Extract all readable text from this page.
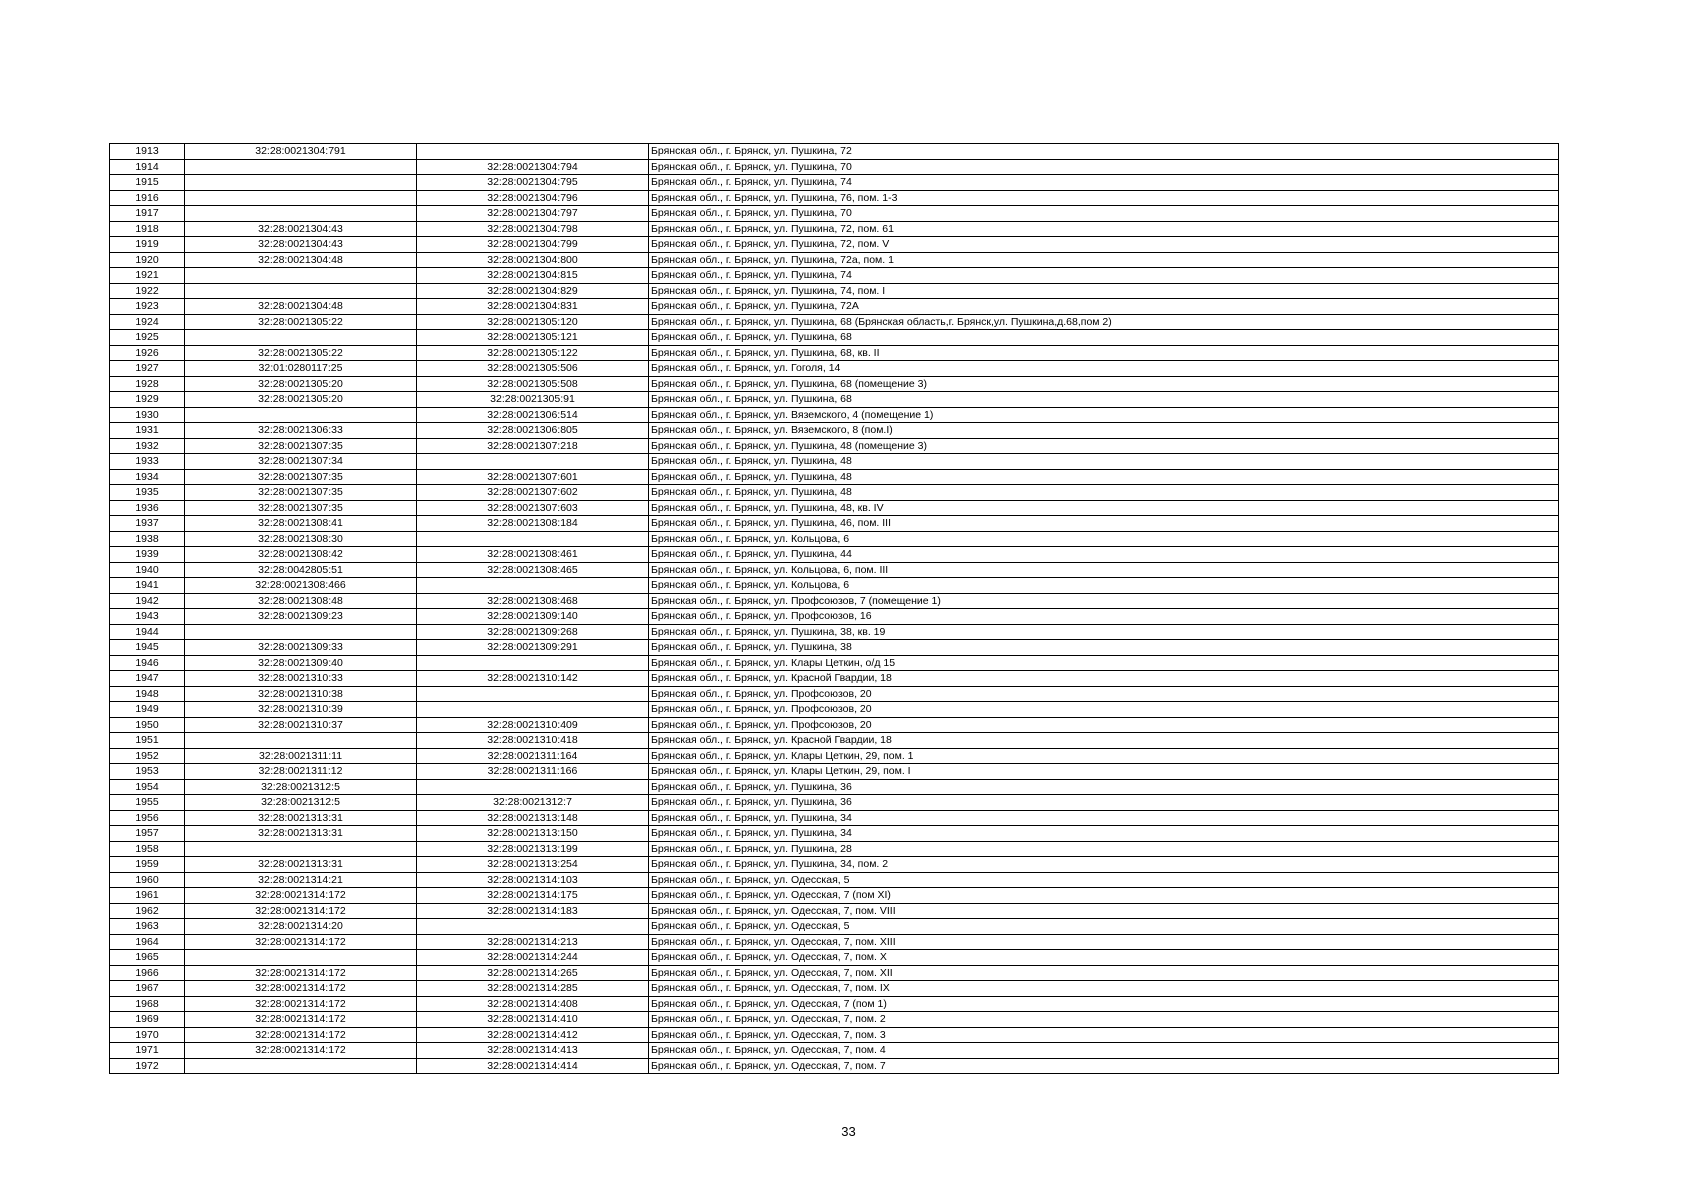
1913	32:28:0021304:791		Брянская обл., г. Брянск, ул. Пушкина, 72
1914		32:28:0021304:794	Брянская обл., г. Брянск, ул. Пушкина, 70
1915		32:28:0021304:795	Брянская обл., г. Брянск, ул. Пушкина, 74
1916		32:28:0021304:796	Брянская обл., г. Брянск, ул. Пушкина, 76, пом. 1-3
1917		32:28:0021304:797	Брянская обл., г. Брянск, ул. Пушкина, 70
1918	32:28:0021304:43	32:28:0021304:798	Брянская обл., г. Брянск, ул. Пушкина, 72, пом. 61
1919	32:28:0021304:43	32:28:0021304:799	Брянская обл., г. Брянск, ул. Пушкина, 72, пом. V
1920	32:28:0021304:48	32:28:0021304:800	Брянская обл., г. Брянск, ул. Пушкина, 72а, пом. 1
1921		32:28:0021304:815	Брянская обл., г. Брянск, ул. Пушкина, 74
1922		32:28:0021304:829	Брянская обл., г. Брянск, ул. Пушкина, 74, пом. I
1923	32:28:0021304:48	32:28:0021304:831	Брянская обл., г. Брянск, ул. Пушкина, 72А
1924	32:28:0021305:22	32:28:0021305:120	Брянская обл., г. Брянск, ул. Пушкина, 68 (Брянская область,г. Брянск,ул. Пушкина,д.68,пом 2)
1925		32:28:0021305:121	Брянская обл., г. Брянск, ул. Пушкина, 68
1926	32:28:0021305:22	32:28:0021305:122	Брянская обл., г. Брянск, ул. Пушкина, 68, кв. II
1927	32:01:0280117:25	32:28:0021305:506	Брянская обл., г. Брянск, ул. Гоголя, 14
1928	32:28:0021305:20	32:28:0021305:508	Брянская обл., г. Брянск, ул. Пушкина, 68 (помещение 3)
1929	32:28:0021305:20	32:28:0021305:91	Брянская обл., г. Брянск, ул. Пушкина, 68
1930		32:28:0021306:514	Брянская обл., г. Брянск, ул. Вяземского, 4 (помещение 1)
1931	32:28:0021306:33	32:28:0021306:805	Брянская обл., г. Брянск, ул. Вяземского, 8 (пом.I)
1932	32:28:0021307:35	32:28:0021307:218	Брянская обл., г. Брянск, ул. Пушкина, 48 (помещение 3)
1933	32:28:0021307:34		Брянская обл., г. Брянск, ул. Пушкина, 48
1934	32:28:0021307:35	32:28:0021307:601	Брянская обл., г. Брянск, ул. Пушкина, 48
1935	32:28:0021307:35	32:28:0021307:602	Брянская обл., г. Брянск, ул. Пушкина, 48
1936	32:28:0021307:35	32:28:0021307:603	Брянская обл., г. Брянск, ул. Пушкина, 48, кв. IV
1937	32:28:0021308:41	32:28:0021308:184	Брянская обл., г. Брянск, ул. Пушкина, 46, пом. III
1938	32:28:0021308:30		Брянская обл., г. Брянск, ул. Кольцова, 6
1939	32:28:0021308:42	32:28:0021308:461	Брянская обл., г. Брянск, ул. Пушкина, 44
1940	32:28:0042805:51	32:28:0021308:465	Брянская обл., г. Брянск, ул. Кольцова, 6, пом. III
1941	32:28:0021308:466		Брянская обл., г. Брянск, ул. Кольцова, 6
1942	32:28:0021308:48	32:28:0021308:468	Брянская обл., г. Брянск, ул. Профсоюзов, 7 (помещение 1)
1943	32:28:0021309:23	32:28:0021309:140	Брянская обл., г. Брянск, ул. Профсоюзов, 16
1944		32:28:0021309:268	Брянская обл., г. Брянск, ул. Пушкина, 38, кв. 19
1945	32:28:0021309:33	32:28:0021309:291	Брянская обл., г. Брянск, ул. Пушкина, 38
1946	32:28:0021309:40		Брянская обл., г. Брянск, ул. Клары Цеткин, о/д 15
1947	32:28:0021310:33	32:28:0021310:142	Брянская обл., г. Брянск, ул. Красной Гвардии, 18
1948	32:28:0021310:38		Брянская обл., г. Брянск, ул. Профсоюзов, 20
1949	32:28:0021310:39		Брянская обл., г. Брянск, ул. Профсоюзов, 20
1950	32:28:0021310:37	32:28:0021310:409	Брянская обл., г. Брянск, ул. Профсоюзов, 20
1951		32:28:0021310:418	Брянская обл., г. Брянск, ул. Красной Гвардии, 18
1952	32:28:0021311:11	32:28:0021311:164	Брянская обл., г. Брянск, ул. Клары Цеткин, 29, пом. 1
1953	32:28:0021311:12	32:28:0021311:166	Брянская обл., г. Брянск, ул. Клары Цеткин, 29, пом. I
1954	32:28:0021312:5		Брянская обл., г. Брянск, ул. Пушкина, 36
1955	32:28:0021312:5	32:28:0021312:7	Брянская обл., г. Брянск, ул. Пушкина, 36
1956	32:28:0021313:31	32:28:0021313:148	Брянская обл., г. Брянск, ул. Пушкина, 34
1957	32:28:0021313:31	32:28:0021313:150	Брянская обл., г. Брянск, ул. Пушкина, 34
1958		32:28:0021313:199	Брянская обл., г. Брянск, ул. Пушкина, 28
1959	32:28:0021313:31	32:28:0021313:254	Брянская обл., г. Брянск, ул. Пушкина, 34, пом. 2
1960	32:28:0021314:21	32:28:0021314:103	Брянская обл., г. Брянск, ул. Одесская, 5
1961	32:28:0021314:172	32:28:0021314:175	Брянская обл., г. Брянск, ул. Одесская, 7 (пом XI)
1962	32:28:0021314:172	32:28:0021314:183	Брянская обл., г. Брянск, ул. Одесская, 7, пом. VIII
1963	32:28:0021314:20		Брянская обл., г. Брянск, ул. Одесская, 5
1964	32:28:0021314:172	32:28:0021314:213	Брянская обл., г. Брянск, ул. Одесская, 7, пом. XIII
1965		32:28:0021314:244	Брянская обл., г. Брянск, ул. Одесская, 7, пом. X
1966	32:28:0021314:172	32:28:0021314:265	Брянская обл., г. Брянск, ул. Одесская, 7, пом. XII
1967	32:28:0021314:172	32:28:0021314:285	Брянская обл., г. Брянск, ул. Одесская, 7, пом. IX
1968	32:28:0021314:172	32:28:0021314:408	Брянская обл., г. Брянск, ул. Одесская, 7 (пом 1)
1969	32:28:0021314:172	32:28:0021314:410	Брянская обл., г. Брянск, ул. Одесская, 7, пом. 2
1970	32:28:0021314:172	32:28:0021314:412	Брянская обл., г. Брянск, ул. Одесская, 7, пом. 3
1971	32:28:0021314:172	32:28:0021314:413	Брянская обл., г. Брянск, ул. Одесская, 7, пом. 4
1972		32:28:0021314:414	Брянская обл., г. Брянск, ул. Одесская, 7, пом. 7
33
